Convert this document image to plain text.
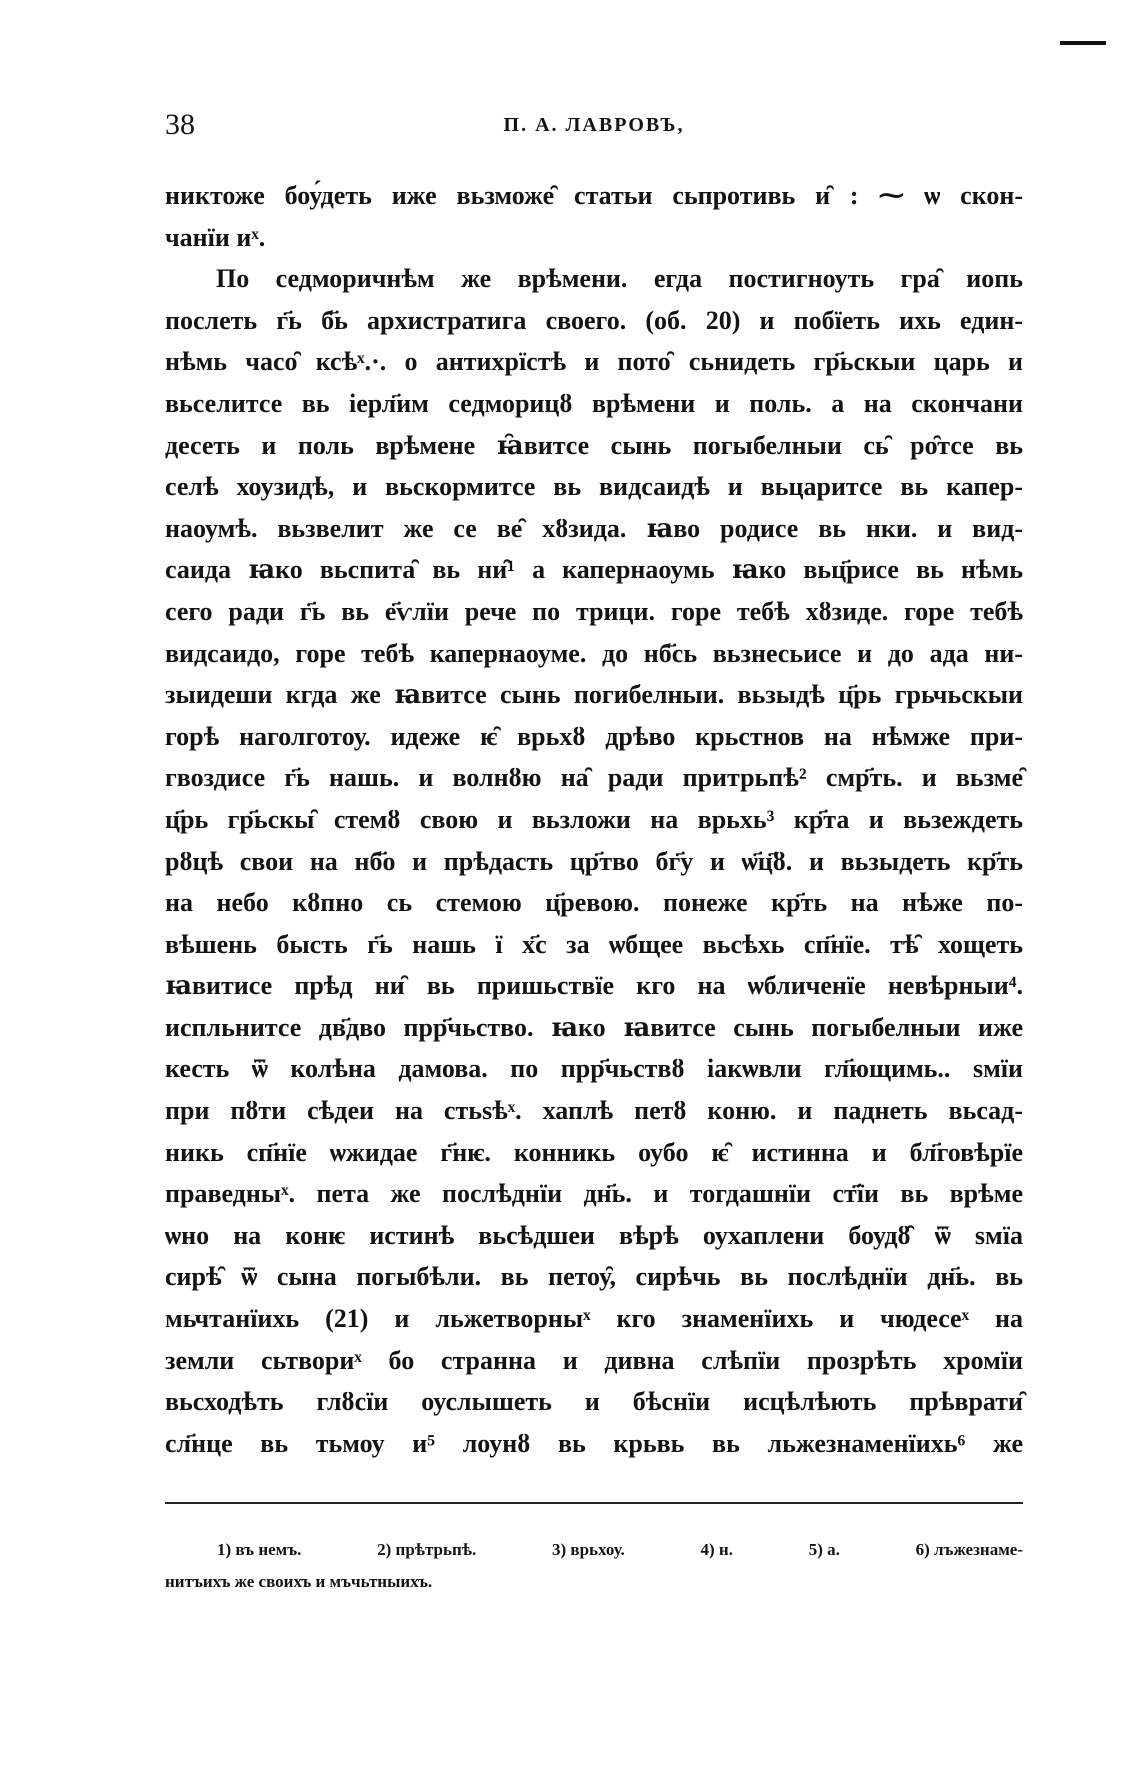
38	П. А. ЛАВРОВЪ,
никтоже боу́деть иже вьзможе̑ статьи сьпротивь и̑ : ⁓ ѡ скон-
чанїи иˣ.
По седморичнѣм же врѣмени. егда постигноуть гра̑ иопь
послеть г҃ь б҃ь архистратига своего. (об. 20) и побїеть ихь един-
нѣмь часо̑ ксѣˣ.·. о антихрїстѣ и пото̑ сьнидеть гр҃ьскыи царь и
вьселитсе вь iерл҃им седморицȣ врѣмени и поль. а на скончани
десеть и поль врѣмене ꙗ̑витсе сынь погыбелныи сь̑ ро̑тсе вь
селѣ хоузидѣ, и вьскормитсе вь видсаидѣ и вьцаритсе вь капер-
наоумѣ. вьзвелит же се ве̑ хȣзида. ꙗво родисе вь нки. и вид-
саида ꙗко вьспита̑ вь ни̑¹ а капернаоумь ꙗко вьц҃рисе вь нѣмь
сего ради г҃ь вь е҃ѵлїи рече по трици. горе тебѣ хȣзиде. горе тебѣ
видсаидо, горе тебѣ капернаоуме. до нб҃сь вьзнесьисе и до ада ни-
зыидеши кгда же ꙗвитсе сынь погибелныи. вьзыдѣ ц҃рь грьчьскыи
горѣ наголготоу. идеже ѥ̑ врьхȣ дрѣво крьстнов на нѣмже при-
гвоздисе г҃ь нашь. и волнȣю на̑ ради притрьпѣ² смр҃ть. и вьзме̑
ц҃рь гр҃ьскы̑ стемȣ свою и вьзложи на врьхь³ кр҃та и вьзеждеть
рȣцѣ свои на нб҃о и прѣдасть цр҃тво бг҃у и ѡ҃ц҃ȣ. и вьзыдеть кр҃ть
на небо кȣпно сь стемою ц҃ревою. понеже кр҃ть на нѣже по-
вѣшень бысть г҃ь нашь ї х҃с за ѡбщее вьсѣхь сп҃нїе. тѣ̑ хощеть
ꙗвитисе прѣд ни̑ вь пришьствїе кго на ѡбличенїе невѣрныи⁴.
испльнитсе дв҃дво прр҃чьство. ꙗко ꙗвитсе сынь погыбелныи иже
кесть ѿ колѣна дамова. по прр҃чьствȣ iакѡвли гл҃ющимь.. ѕмїи
при пȣти сѣдеи на стьѕѣˣ. хаплѣ петȣ коню. и паднеть вьсад-
никь сп҃нїе ѡжидае г҃нѥ. конникь оубо ѥ̑ истинна и бл҃говѣрїе
праведныˣ. пета же послѣднїи дн҃ь. и тогдашнїи ст҃їи вь врѣме
ѡно на конѥ истинѣ вьсѣдшеи вѣрѣ оухаплени боудȣ̑ ѿ ѕмїа
сирѣ̑ ѿ сына погыбѣли. вь петоу̑, сирѣчь вь послѣднїи дн҃ь. вь
мьчтанїихь (21) и льжетворныˣ кго знаменїихь и чюдесеˣ на
земли сьтвориˣ бо странна и дивна слѣпїи прозрѣть хромїи
вьсходѣть глȣсїи оуслышеть и бѣснїи исцѣлѣють прѣврати̑
сл҃нце вь тьмоу и⁵ лоунȣ вь крьвь вь льжезнаменїихь⁶ же
1) въ немъ.	2) прѣтрьпѣ.	3) врьхоу.	4) н.	5) а.	6) лъжезнаме-
нитъихъ же своихъ и мъчьтныихъ.
